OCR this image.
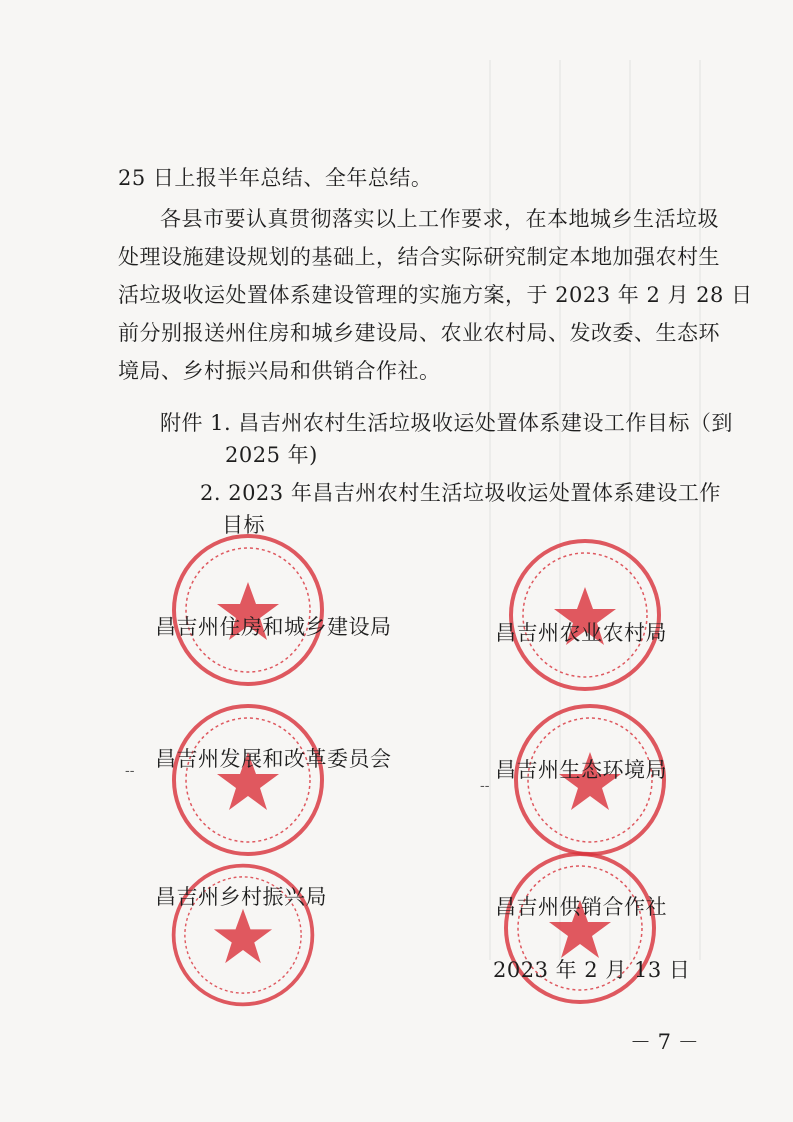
25 日上报半年总结、全年总结。
各县市要认真贯彻落实以上工作要求，在本地城乡生活垃圾
处理设施建设规划的基础上，结合实际研究制定本地加强农村生
活垃圾收运处置体系建设管理的实施方案，于 2023 年 2 月 28 日
前分别报送州住房和城乡建设局、农业农村局、发改委、生态环
境局、乡村振兴局和供销合作社。
附件 1. 昌吉州农村生活垃圾收运处置体系建设工作目标（到
2025 年)
2. 2023 年昌吉州农村生活垃圾收运处置体系建设工作
目标
昌吉州住房和城乡建设局	昌吉州农业农村局
昌吉州发展和改革委员会	昌吉州生态环境局
昌吉州乡村振兴局	昌吉州供销合作社
2023 年 2 月 13 日
-‑
-‑
－ 7 －
